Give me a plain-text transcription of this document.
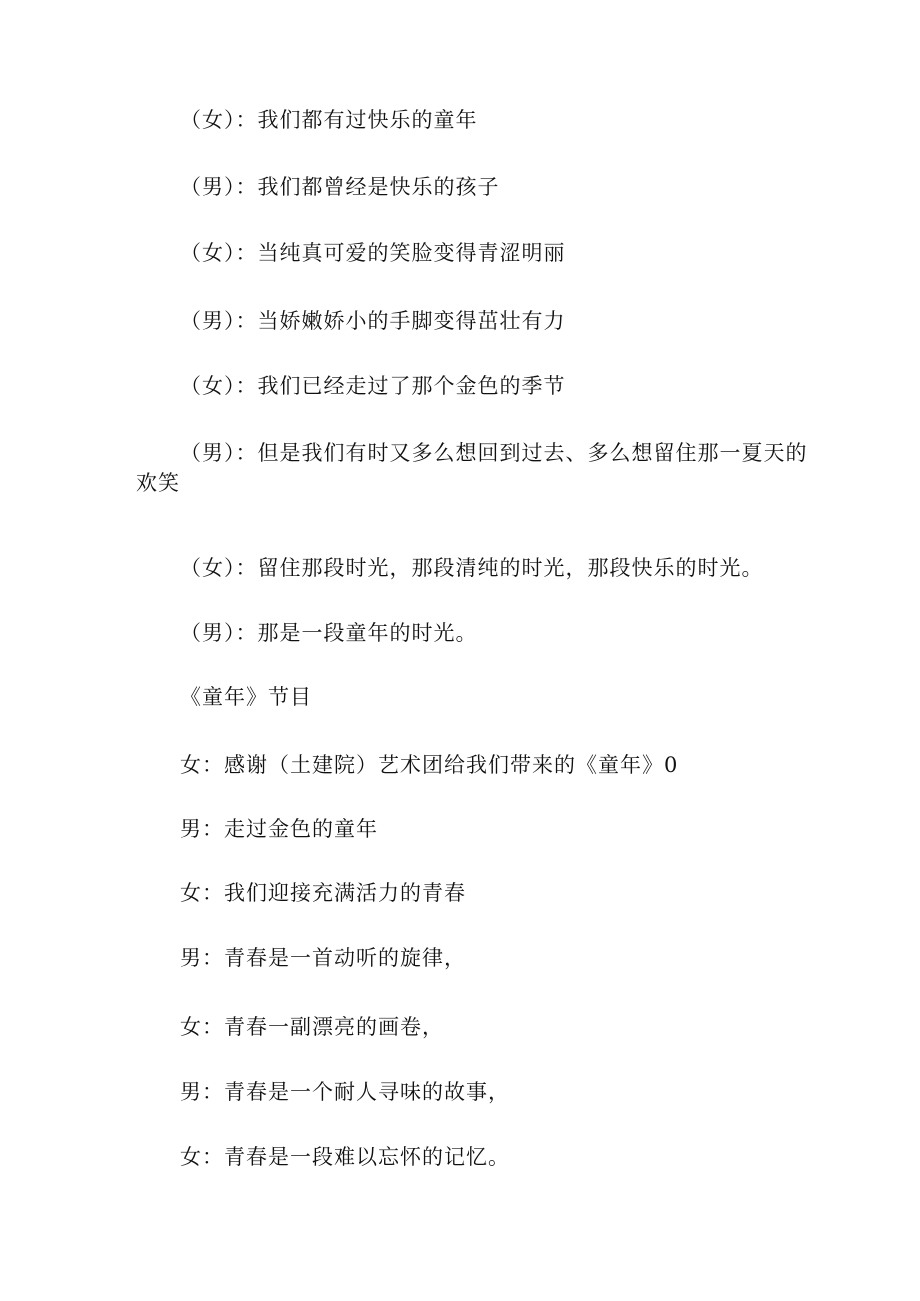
（女）：我们都有过快乐的童年
（男）：我们都曾经是快乐的孩子
（女）：当纯真可爱的笑脸变得青涩明丽
（男）：当娇嫩娇小的手脚变得茁壮有力
（女）：我们已经走过了那个金色的季节
（男）：但是我们有时又多么想回到过去、多么想留住那一夏天的欢笑
（女）：留住那段时光，那段清纯的时光，那段快乐的时光。
（男）：那是一段童年的时光。
《童年》节目
女：感谢（土建院）艺术团给我们带来的《童年》0
男：走过金色的童年
女：我们迎接充满活力的青春
男：青春是一首动听的旋律，
女：青春一副漂亮的画卷，
男：青春是一个耐人寻味的故事，
女：青春是一段难以忘怀的记忆。
